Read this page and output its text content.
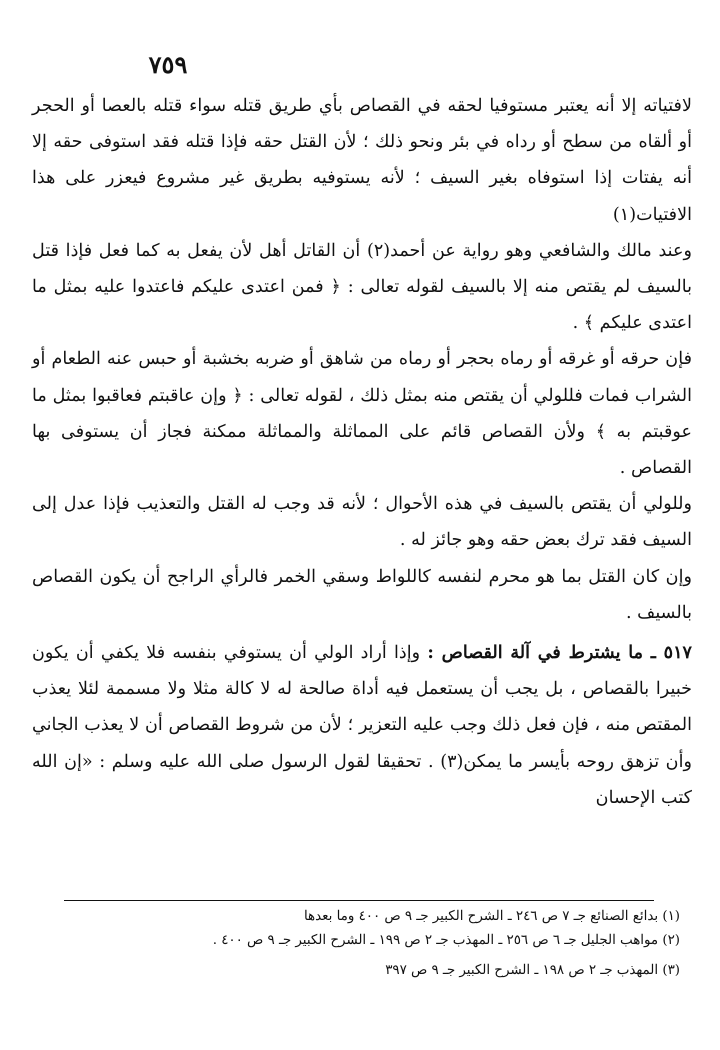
٧٥٩

لافتياته إلا أنه يعتبر مستوفيا لحقه في القصاص بأي طريق قتله سواء قتله بالعصا أو الحجر أو ألقاه من سطح أو رداه في بئر ونحو ذلك ؛ لأن القتل حقه فإذا قتله فقد استوفى حقه إلا أنه يفتات إذا استوفاه بغير السيف ؛ لأنه يستوفيه بطريق غير مشروع فيعزر على هذا الافتيات(١)

وعند مالك والشافعي وهو رواية عن أحمد(٢) أن القاتل أهل لأن يفعل به كما فعل فإذا قتل بالسيف لم يقتص منه إلا بالسيف لقوله تعالى : ﴿ فمن اعتدى عليكم فاعتدوا عليه بمثل ما اعتدى عليكم ﴾ .

فإن حرقه أو غرقه أو رماه بحجر أو رماه من شاهق أو ضربه بخشبة أو حبس عنه الطعام أو الشراب فمات فللولي أن يقتص منه بمثل ذلك ، لقوله تعالى : ﴿ وإن عاقبتم فعاقبوا بمثل ما عوقبتم به ﴾ ولأن القصاص قائم على المماثلة والمماثلة ممكنة فجاز أن يستوفى بها القصاص .

وللولي أن يقتص بالسيف في هذه الأحوال ؛ لأنه قد وجب له القتل والتعذيب فإذا عدل إلى السيف فقد ترك بعض حقه وهو جائز له .

وإن كان القتل بما هو محرم لنفسه كاللواط وسقي الخمر فالرأي الراجح أن يكون القصاص بالسيف .

٥١٧ ـ ما يشترط في آلة القصاص : وإذا أراد الولي أن يستوفي بنفسه فلا يكفي أن يكون خبيرا بالقصاص ، بل يجب أن يستعمل فيه أداة صالحة له لا كالة مثلا ولا مسممة لئلا يعذب المقتص منه ، فإن فعل ذلك وجب عليه التعزير ؛ لأن من شروط القصاص أن لا يعذب الجاني وأن تزهق روحه بأيسر ما يمكن(٣) . تحقيقا لقول الرسول صلى الله عليه وسلم : «إن الله كتب الإحسان

(١) بدائع الصنائع جـ ٧ ص ٢٤٦ ـ الشرح الكبير جـ ٩ ص ٤٠٠ وما بعدها

(٢) مواهب الجليل جـ ٦ ص ٢٥٦ ـ المهذب جـ ٢ ص ١٩٩ ـ الشرح الكبير جـ ٩ ص ٤٠٠ .

(٣) المهذب جـ ٢ ص ١٩٨ ـ الشرح الكبير جـ ٩ ص ٣٩٧
